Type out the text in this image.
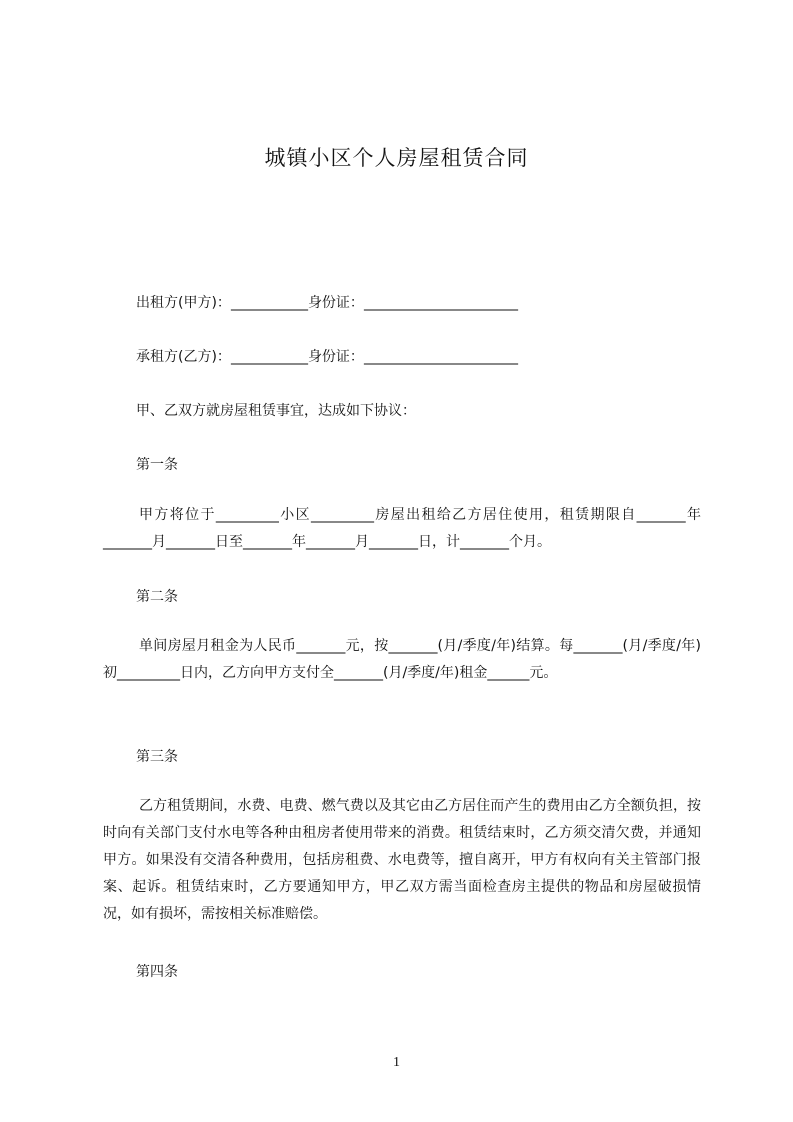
城镇小区个人房屋租赁合同
出租方(甲方)：___________身份证：______________________
承租方(乙方)：___________身份证：______________________
甲、乙双方就房屋租赁事宜，达成如下协议：
第一条
甲方将位于_________小区_________房屋出租给乙方居住使用，租赁期限自_______年_______月_______日至_______年_______月_______日，计_______个月。
第二条
单间房屋月租金为人民币_______元，按_______(月/季度/年)结算。每_______(月/季度/年)初_________日内，乙方向甲方支付全_______(月/季度/年)租金______元。
第三条
乙方租赁期间，水费、电费、燃气费以及其它由乙方居住而产生的费用由乙方全额负担，按时向有关部门支付水电等各种由租房者使用带来的消费。租赁结束时，乙方须交清欠费，并通知甲方。如果没有交清各种费用，包括房租费、水电费等，擅自离开，甲方有权向有关主管部门报案、起诉。租赁结束时，乙方要通知甲方，甲乙双方需当面检查房主提供的物品和房屋破损情况，如有损坏，需按相关标准赔偿。
第四条
1
